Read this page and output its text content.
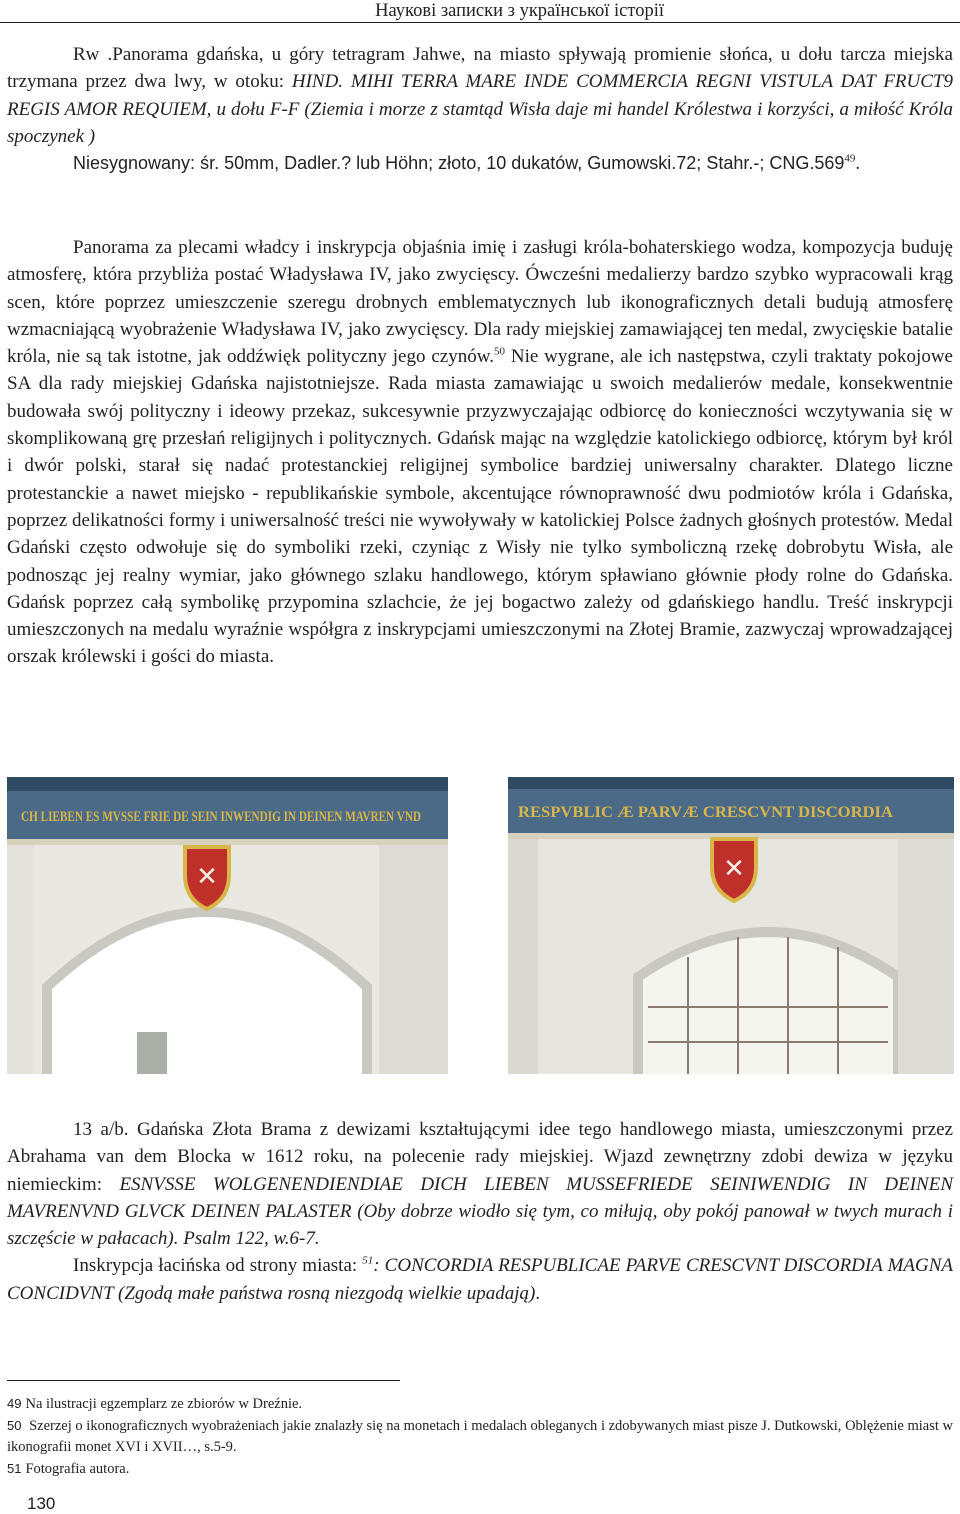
Наукові записки з української історії

Rw .Panorama gdańska, u góry tetragram Jahwe, na miasto spływają promienie słońca, u dołu tarcza miejska trzymana przez dwa lwy, w otoku: HIND. MIHI TERRA MARE INDE COMMERCIA REGNI VISTULA DAT FRUCT9 REGIS AMOR REQUIEM, u dołu F-F (Ziemia i morze z stamtąd Wisła daje mi handel Królestwa i korzyści, a miłość Króla spoczynek )

Niesygnowany: śr. 50mm, Dadler.? lub Höhn; złoto, 10 dukatów, Gumowski.72; Stahr.-; CNG.569$^{49}$.

Panorama za plecami władcy i inskrypcja objaśnia imię i zasługi króla-bohaterskiego wodza, kompozycja buduję atmosferę, która przybliża postać Władysława IV, jako zwycięscy. Ówcześni medalierzy bardzo szybko wypracowali krąg scen, które poprzez umieszczenie szeregu drobnych emblematycznych lub ikonograficznych detali budują atmosferę wzmacniającą wyobrażenie Władysława IV, jako zwycięscy. Dla rady miejskiej zamawiającej ten medal, zwycięskie batalie króla, nie są tak istotne, jak oddźwięk polityczny jego czynów.$^{50}$ Nie wygrane, ale ich następstwa, czyli traktaty pokojowe SA dla rady miejskiej Gdańska najistotniejsze. Rada miasta zamawiając u swoich medalierów medale, konsekwentnie budowała swój polityczny i ideowy przekaz, sukcesywnie przyzwyczajając odbiorcę do konieczności wczytywania się w skomplikowaną grę przesłań religijnych i politycznych. Gdańsk mając na względzie katolickiego odbiorcę, którym był król i dwór polski, starał się nadać protestanckiej religijnej symbolice bardziej uniwersalny charakter. Dlatego liczne protestanckie a nawet miejsko - republikańskie symbole, akcentujące równoprawność dwu podmiotów króla i Gdańska, poprzez delikatności formy i uniwersalność treści nie wywoływały w katolickiej Polsce żadnych głośnych protestów. Medal Gdański często odwołuje się do symboliki rzeki, czyniąc z Wisły nie tylko symboliczną rzekę dobrobytu Wisła, ale podnosząc jej realny wymiar, jako głównego szlaku handlowego, którym spławiano głównie płody rolne do Gdańska. Gdańsk poprzez całą symbolikę przypomina szlachcie, że jej bogactwo zależy od gdańskiego handlu. Treść inskrypcji umieszczonych na medalu wyraźnie współgra z inskrypcjami umieszczonymi na Złotej Bramie, zazwyczaj wprowadzającej orszak królewski i gości do miasta.

CH LIEBEN ES MVSSE FRIE DE SEIN INWENDIG IN DEINEN MAVREN VND
✕
RESPVBLIC Æ PARVÆ CRESCVNT DISCORDIA
✕

13 a/b. Gdańska Złota Brama z dewizami kształtującymi idee tego handlowego miasta, umieszczonymi przez Abrahama van dem Blocka w 1612 roku, na polecenie rady miejskiej. Wjazd zewnętrzny zdobi dewiza w języku niemieckim: ESNVSSE WOLGENENDIENDIAE DICH LIEBEN MUSSEFRIEDE SEINIWENDIG IN DEINEN MAVRENVND GLVCK DEINEN PALASTER (Oby dobrze wiodło się tym, co miłują, oby pokój panował w twych murach i szczęście w pałacach). Psalm 122, w.6-7.

Inskrypcja łacińska od strony miasta: $^{51}$: CONCORDIA RESPUBLICAE PARVE CRESCVNT DISCORDIA MAGNA CONCIDVNT (Zgodą małe państwa rosną niezgodą wielkie upadają).

49 Na ilustracji egzemplarz ze zbiorów w Dreźnie.
50 Szerzej o ikonograficznych wyobrażeniach jakie znalazły się na monetach i medalach obleganych i zdobywanych miast pisze J. Dutkowski, Oblężenie miast w ikonografii monet XVI i XVII…, s.5-9.
51 Fotografia autora.
130
